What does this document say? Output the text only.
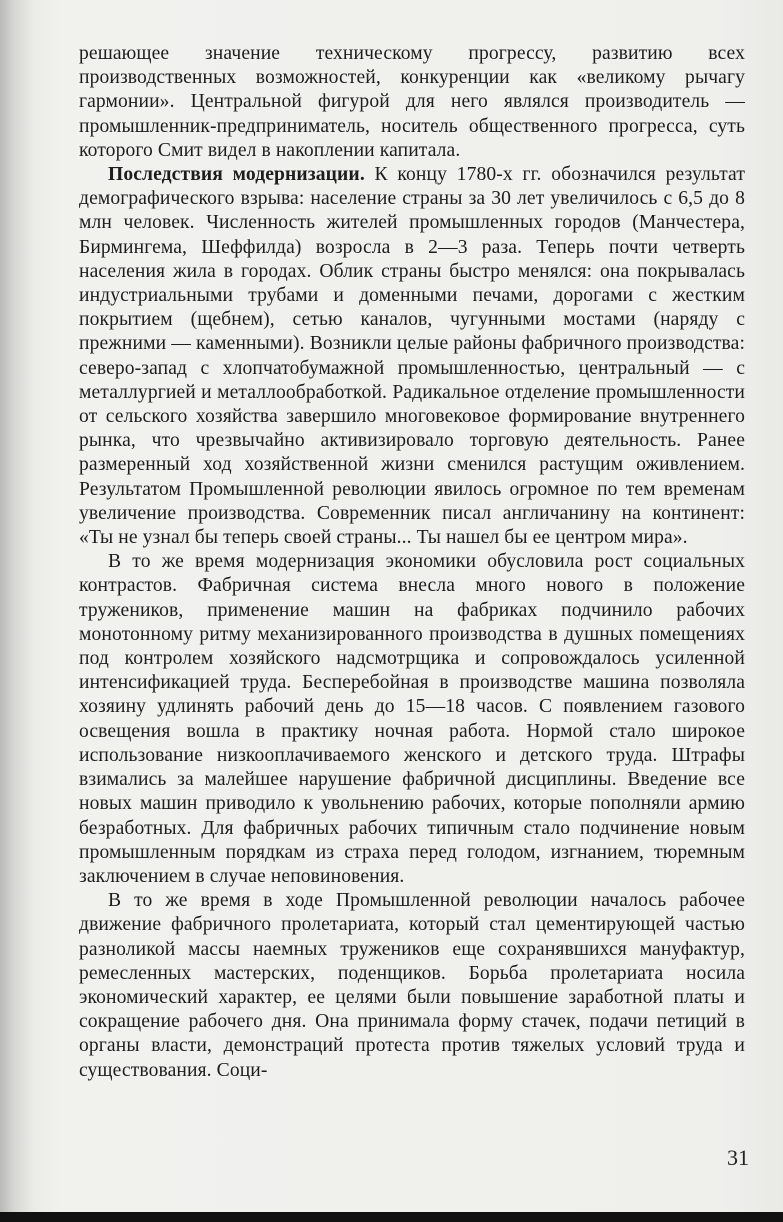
решающее значение техническому прогрессу, развитию всех производственных возможностей, конкуренции как «великому рычагу гармонии». Центральной фигурой для него являлся производитель — промышленник-предприниматель, носитель общественного прогресса, суть которого Смит видел в накоплении капитала.

Последствия модернизации. К концу 1780-х гг. обозначился результат демографического взрыва: население страны за 30 лет увеличилось с 6,5 до 8 млн человек. Численность жителей промышленных городов (Манчестера, Бирмингема, Шеффилда) возросла в 2—3 раза. Теперь почти четверть населения жила в городах. Облик страны быстро менялся: она покрывалась индустриальными трубами и доменными печами, дорогами с жестким покрытием (щебнем), сетью каналов, чугунными мостами (наряду с прежними — каменными). Возникли целые районы фабричного производства: северо-запад с хлопчатобумажной промышленностью, центральный — с металлургией и металлообработкой. Радикальное отделение промышленности от сельского хозяйства завершило многовековое формирование внутреннего рынка, что чрезвычайно активизировало торговую деятельность. Ранее размеренный ход хозяйственной жизни сменился растущим оживлением. Результатом Промышленной революции явилось огромное по тем временам увеличение производства. Современник писал англичанину на континент: «Ты не узнал бы теперь своей страны... Ты нашел бы ее центром мира».

В то же время модернизация экономики обусловила рост социальных контрастов. Фабричная система внесла много нового в положение тружеников, применение машин на фабриках подчинило рабочих монотонному ритму механизированного производства в душных помещениях под контролем хозяйского надсмотрщика и сопровождалось усиленной интенсификацией труда. Бесперебойная в производстве машина позволяла хозяину удлинять рабочий день до 15—18 часов. С появлением газового освещения вошла в практику ночная работа. Нормой стало широкое использование низкооплачиваемого женского и детского труда. Штрафы взимались за малейшее нарушение фабричной дисциплины. Введение все новых машин приводило к увольнению рабочих, которые пополняли армию безработных. Для фабричных рабочих типичным стало подчинение новым промышленным порядкам из страха перед голодом, изгнанием, тюремным заключением в случае неповиновения.

В то же время в ходе Промышленной революции началось рабочее движение фабричного пролетариата, который стал цементирующей частью разноликой массы наемных тружеников еще сохранявшихся мануфактур, ремесленных мастерских, поденщиков. Борьба пролетариата носила экономический характер, ее целями были повышение заработной платы и сокращение рабочего дня. Она принимала форму стачек, подачи петиций в органы власти, демонстраций протеста против тяжелых условий труда и существования. Соци-

31
